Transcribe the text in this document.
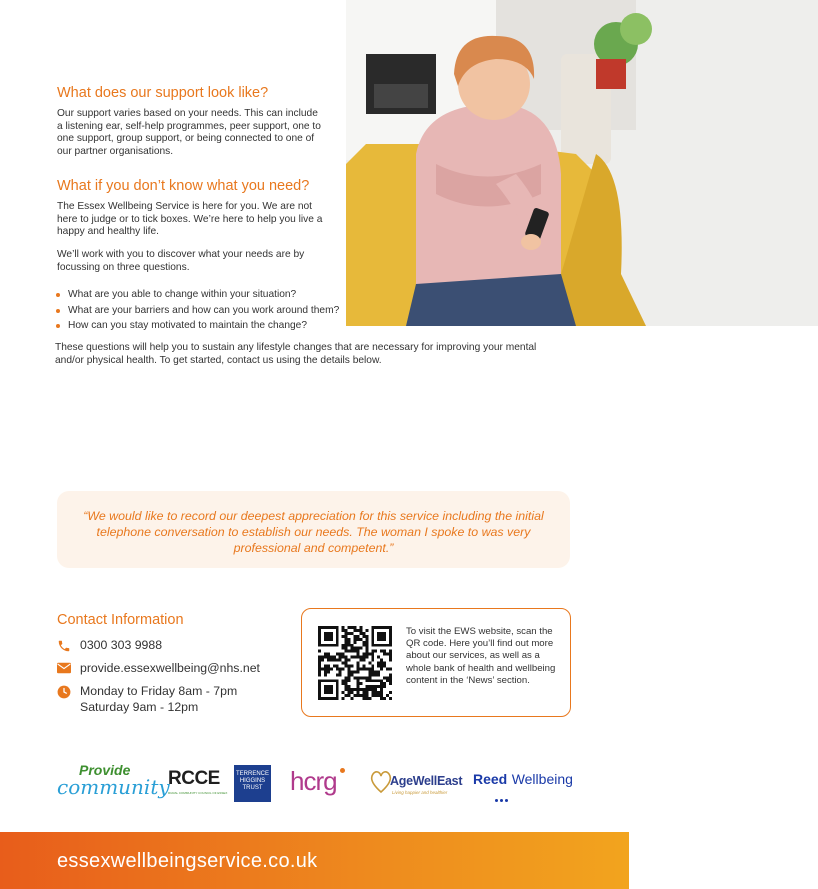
What does our support look like?

Our support varies based on your needs. This can include a listening ear, self-help programmes, peer support, one to one support, group support, or being connected to one of our partner organisations.

What if you don’t know what you need?

The Essex Wellbeing Service is here for you. We are not here to judge or to tick boxes. We’re here to help you live a happy and healthy life.

We’ll work with you to discover what your needs are by focussing on three questions.

What are you able to change within your situation?
What are your barriers and how can you work around them?
How can you stay motivated to maintain the change?

These questions will help you to sustain any lifestyle changes that are necessary for improving your mental and/or physical health. To get started, contact us using the details below.

“We would like to record our deepest appreciation for this service including the initial telephone conversation to establish our needs. The woman I spoke to was very professional and competent.”
Contact Information
0300 303 9988
provide.essexwellbeing@nhs.net
Monday to Friday 8am - 7pm
Saturday 9am - 12pm

To visit the EWS website, scan the QR code. Here you’ll find out more about our services, as well as a whole bank of health and wellbeing content in the ‘News’ section.

Provide
community
RCCE
RURAL COMMUNITY COUNCIL OF ESSEX
TERRENCE
HIGGINS
TRUST	hcrg	AgeWellEast
Living happier and healthier
Reed Wellbeing
essexwellbeingservice.co.uk
